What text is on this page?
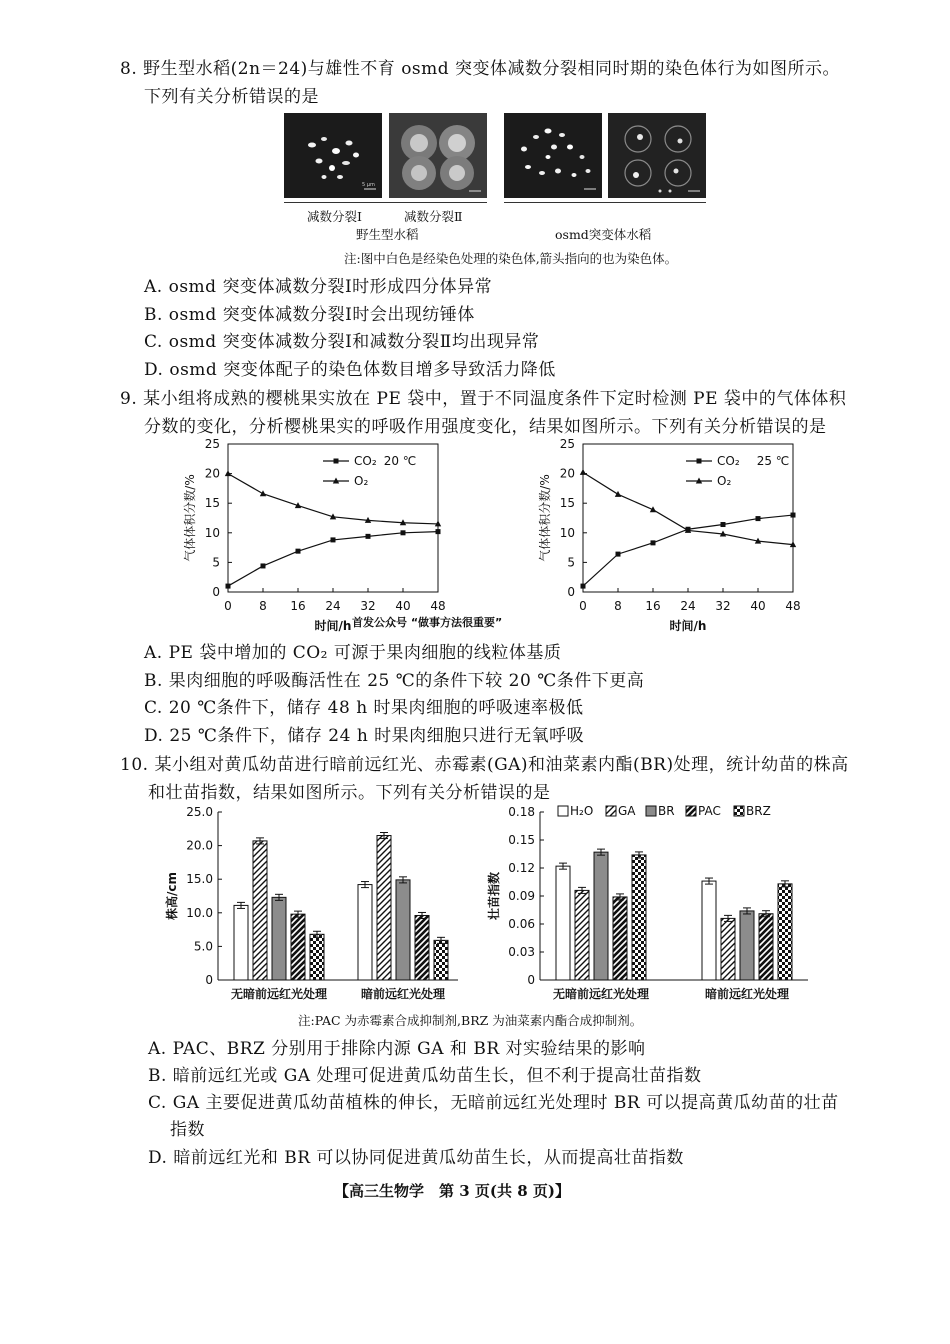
8. 野生型水稻(2n＝24)与雄性不育 osmd 突变体减数分裂相同时期的染色体行为如图所示。
下列有关分析错误的是
5 μm
减数分裂Ⅰ	减数分裂Ⅱ
野生型水稻	osmd突变体水稻
注:图中白色是经染色处理的染色体,箭头指向的也为染色体。
A. osmd 突变体减数分裂Ⅰ时形成四分体异常
B. osmd 突变体减数分裂Ⅰ时会出现纺锤体
C. osmd 突变体减数分裂Ⅰ和减数分裂Ⅱ均出现异常
D. osmd 突变体配子的染色体数目增多导致活力降低
9. 某小组将成熟的樱桃果实放在 PE 袋中，置于不同温度条件下定时检测 PE 袋中的气体体积
分数的变化，分析樱桃果实的呼吸作用强度变化，结果如图所示。下列有关分析错误的是
5
10
15
20
25
0
0 8 16 24 32 40 48
时间/h
气体体积分数/%
CO₂
O₂
20 ℃
5
10
15
20
25
0
0 8 16 24 32 40 48
时间/h
气体体积分数/%
CO₂
O₂
25 ℃
首发公众号 “做事方法很重要”
A. PE 袋中增加的 CO₂ 可源于果肉细胞的线粒体基质
B. 果肉细胞的呼吸酶活性在 25 ℃的条件下较 20 ℃条件下更高
C. 20 ℃条件下，储存 48 h 时果肉细胞的呼吸速率极低
D. 25 ℃条件下，储存 24 h 时果肉细胞只进行无氧呼吸
10. 某小组对黄瓜幼苗进行暗前远红光、赤霉素(GA)和油菜素内酯(BR)处理，统计幼苗的株高
和壮苗指数，结果如图所示。下列有关分析错误的是
0
5.0
10.0
15.0
20.0
25.0
株高/cm
无暗前远红光处理	暗前远红光处理
0
0.03
0.06
0.09
0.12
0.15
0.18
壮苗指数
无暗前远红光处理	暗前远红光处理
H₂O GA BR PAC BRZ
注:PAC 为赤霉素合成抑制剂,BRZ 为油菜素内酯合成抑制剂。
A. PAC、BRZ 分别用于排除内源 GA 和 BR 对实验结果的影响
B. 暗前远红光或 GA 处理可促进黄瓜幼苗生长，但不利于提高壮苗指数
C. GA 主要促进黄瓜幼苗植株的伸长，无暗前远红光处理时 BR 可以提高黄瓜幼苗的壮苗
指数
D. 暗前远红光和 BR 可以协同促进黄瓜幼苗生长，从而提高壮苗指数
【高三生物学　第 3 页(共 8 页)】
